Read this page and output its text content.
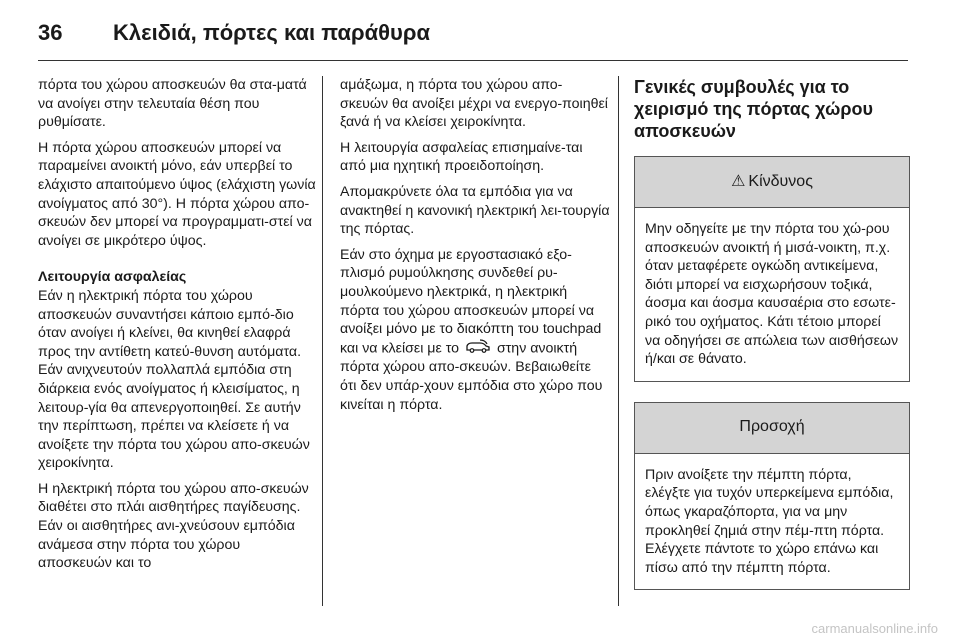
36 Κλειδιά, πόρτες και παράθυρα

πόρτα του χώρου αποσκευών θα στα-ματά να ανοίγει στην τελευταία θέση που ρυθμίσατε.

Η πόρτα χώρου αποσκευών μπορεί να παραμείνει ανοικτή μόνο, εάν υπερβεί το ελάχιστο απαιτούμενο ύψος (ελάχιστη γωνία ανοίγματος από 30°). Η πόρτα χώρου απο-σκευών δεν μπορεί να προγραμματι-στεί να ανοίγει σε μικρότερο ύψος.

Λειτουργία ασφαλείας

Εάν η ηλεκτρική πόρτα του χώρου αποσκευών συναντήσει κάποιο εμπό-διο όταν ανοίγει ή κλείνει, θα κινηθεί ελαφρά προς την αντίθετη κατεύ-θυνση αυτόματα. Εάν ανιχνευτούν πολλαπλά εμπόδια στη διάρκεια ενός ανοίγματος ή κλεισίματος, η λειτουρ-γία θα απενεργοποιηθεί. Σε αυτήν την περίπτωση, πρέπει να κλείσετε ή να ανοίξετε την πόρτα του χώρου απο-σκευών χειροκίνητα.

Η ηλεκτρική πόρτα του χώρου απο-σκευών διαθέτει στο πλάι αισθητήρες παγίδευσης. Εάν οι αισθητήρες ανι-χνεύσουν εμπόδια ανάμεσα στην πόρτα του χώρου αποσκευών και το

αμάξωμα, η πόρτα του χώρου απο-σκευών θα ανοίξει μέχρι να ενεργο-ποιηθεί ξανά ή να κλείσει χειροκίνητα.

Η λειτουργία ασφαλείας επισημαίνε-ται από μια ηχητική προειδοποίηση.

Απομακρύνετε όλα τα εμπόδια για να ανακτηθεί η κανονική ηλεκτρική λει-τουργία της πόρτας.

Εάν στο όχημα με εργοστασιακό εξο-πλισμό ρυμούλκησης συνδεθεί ρυ-μουλκούμενο ηλεκτρικά, η ηλεκτρική πόρτα του χώρου αποσκευών μπορεί να ανοίξει μόνο με το διακόπτη του touchpad και να κλείσει με το	στην ανοικτή πόρτα χώρου απο-σκευών. Βεβαιωθείτε ότι δεν υπάρ-χουν εμπόδια στο χώρο που κινείται η πόρτα.

Γενικές συμβουλές για το χειρισμό της πόρτας χώρου αποσκευών
⚠ Κίνδυνος
Μην οδηγείτε με την πόρτα του χώ-ρου αποσκευών ανοικτή ή μισά-νοικτη, π.χ. όταν μεταφέρετε ογκώδη αντικείμενα, διότι μπορεί να εισχωρήσουν τοξικά, άοσμα και άοσμα καυσαέρια στο εσωτε-ρικό του οχήματος. Κάτι τέτοιο μπορεί να οδηγήσει σε απώλεια των αισθήσεων ή/και σε θάνατο.
Προσοχή
Πριν ανοίξετε την πέμπτη πόρτα, ελέγξτε για τυχόν υπερκείμενα εμπόδια, όπως γκαραζόπορτα, για να μην προκληθεί ζημιά στην πέμ-πτη πόρτα. Ελέγχετε πάντοτε το χώρο επάνω και πίσω από την πέμπτη πόρτα.
carmanualsonline.info
